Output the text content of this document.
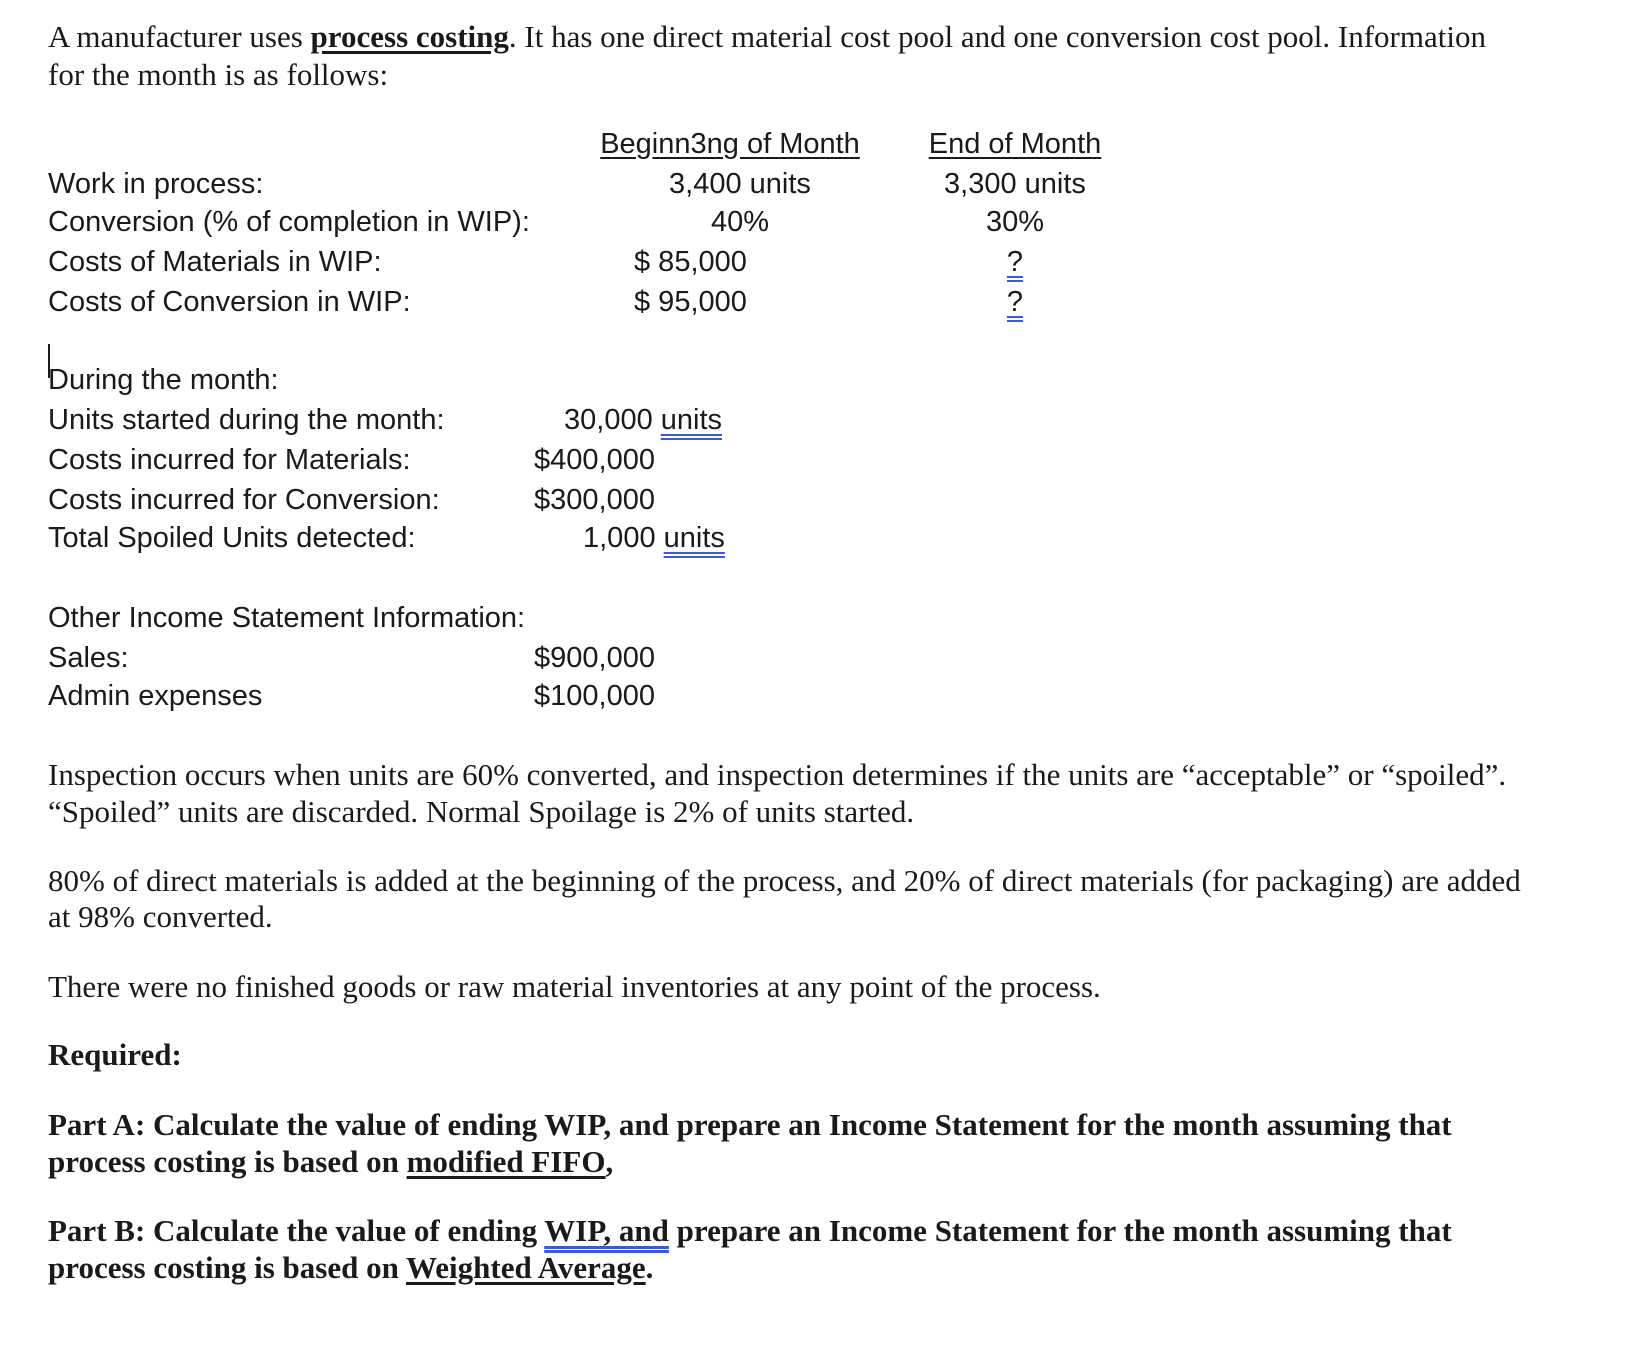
A manufacturer uses process costing. It has one direct material cost pool and one conversion cost pool. Information
for the month is as follows:
Beginn3ng of Month	End of Month
Work in process:	3,400 units	3,300 units
Conversion (% of completion in WIP):	40%	30%
Costs of Materials in WIP:	$ 85,000	?
Costs of Conversion in WIP:	$ 95,000	?
During the month:
Units started during the month:	30,000 units
Costs incurred for Materials:	$400,000
Costs incurred for Conversion:	$300,000
Total Spoiled Units detected:	1,000 units
Other Income Statement Information:
Sales:	$900,000
Admin expenses	$100,000
Inspection occurs when units are 60% converted, and inspection determines if the units are “acceptable” or “spoiled”.
“Spoiled” units are discarded. Normal Spoilage is 2% of units started.
80% of direct materials is added at the beginning of the process, and 20% of direct materials (for packaging) are added
at 98% converted.
There were no finished goods or raw material inventories at any point of the process.
Required:
Part A: Calculate the value of ending WIP, and prepare an Income Statement for the month assuming that
process costing is based on modified FIFO,
Part B: Calculate the value of ending WIP, and prepare an Income Statement for the month assuming that
process costing is based on Weighted Average.
